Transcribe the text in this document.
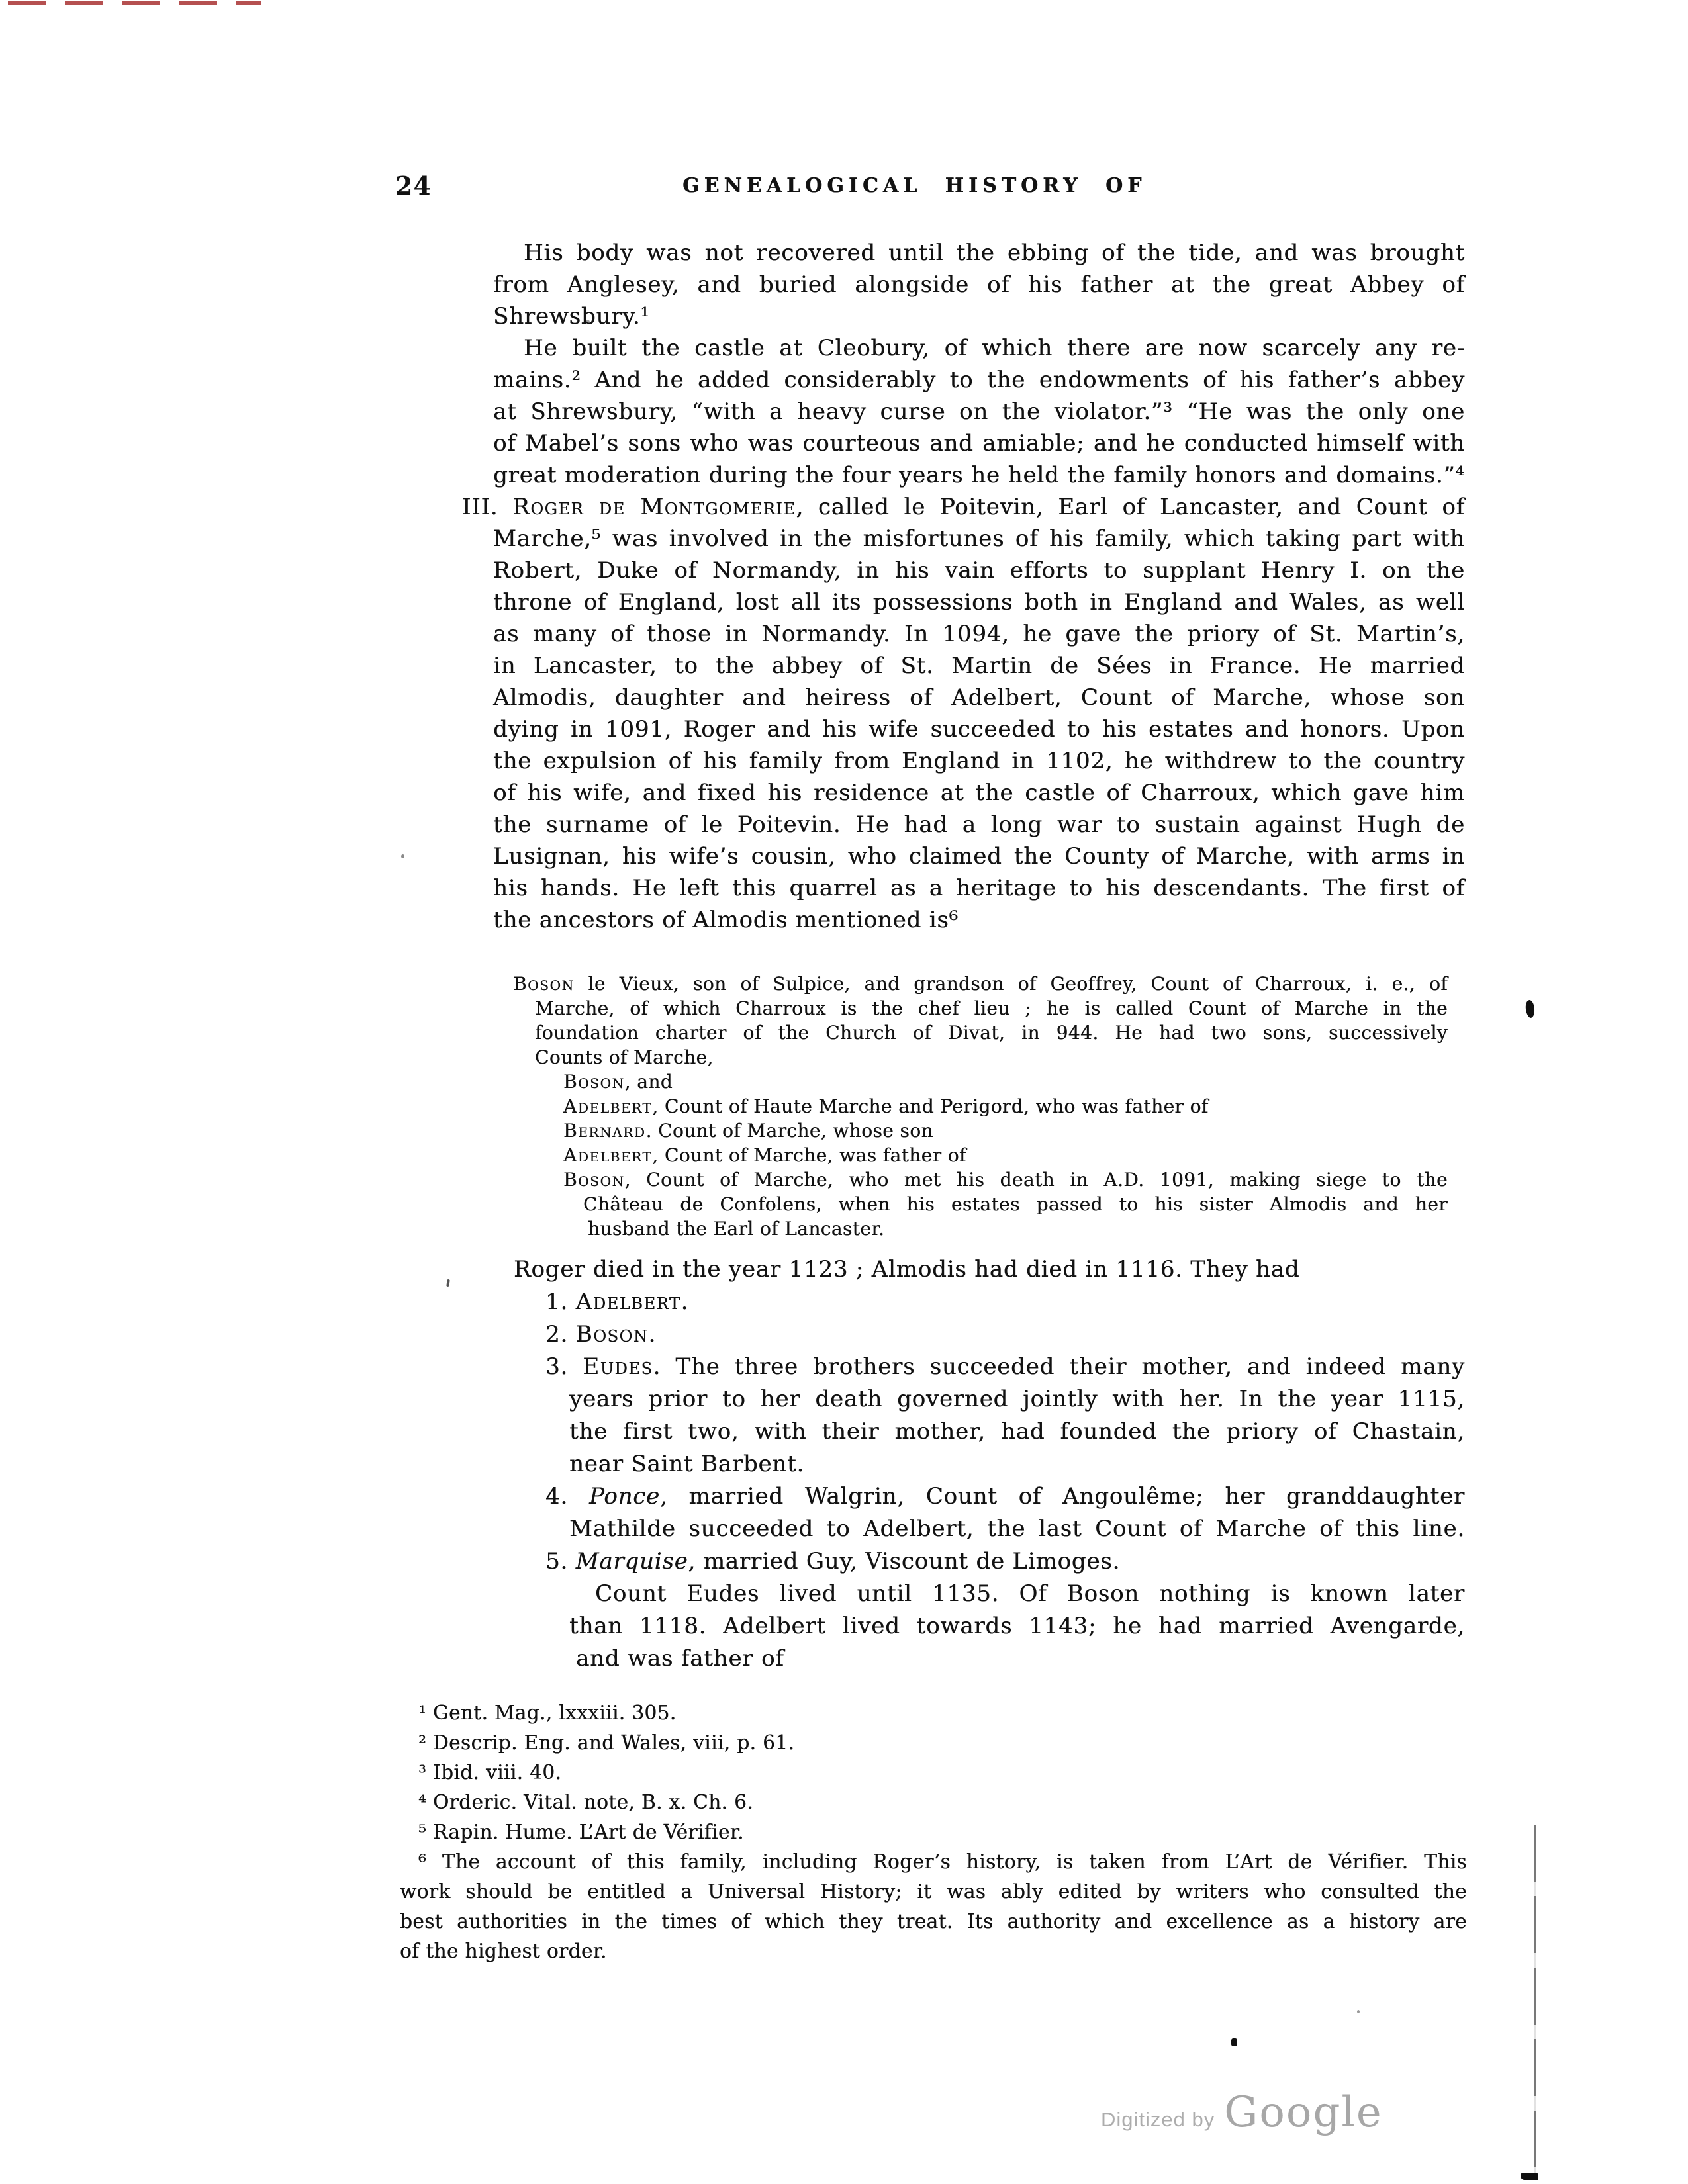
24	GENEALOGICAL HISTORY OF
His body was not recovered until the ebbing of the tide, and was brought
from Anglesey, and buried alongside of his father at the great Abbey of
Shrewsbury.¹
He built the castle at Cleobury, of which there are now scarcely any re-
mains.² And he added considerably to the endowments of his father’s abbey
at Shrewsbury, “with a heavy curse on the violator.”³ “He was the only one
of Mabel’s sons who was courteous and amiable; and he conducted himself with
great moderation during the four years he held the family honors and domains.”⁴
III. Roger de Montgomerie, called le Poitevin, Earl of Lancaster, and Count of
Marche,⁵ was involved in the misfortunes of his family, which taking part with
Robert, Duke of Normandy, in his vain efforts to supplant Henry I. on the
throne of England, lost all its possessions both in England and Wales, as well
as many of those in Normandy. In 1094, he gave the priory of St. Martin’s,
in Lancaster, to the abbey of St. Martin de Sées in France. He married
Almodis, daughter and heiress of Adelbert, Count of Marche, whose son
dying in 1091, Roger and his wife succeeded to his estates and honors. Upon
the expulsion of his family from England in 1102, he withdrew to the country
of his wife, and fixed his residence at the castle of Charroux, which gave him
the surname of le Poitevin. He had a long war to sustain against Hugh de
Lusignan, his wife’s cousin, who claimed the County of Marche, with arms in
his hands. He left this quarrel as a heritage to his descendants. The first of
the ancestors of Almodis mentioned is⁶
Boson le Vieux, son of Sulpice, and grandson of Geoffrey, Count of Charroux, i. e., of
Marche, of which Charroux is the chef lieu ; he is called Count of Marche in the
foundation charter of the Church of Divat, in 944. He had two sons, successively
Counts of Marche,
Boson, and
Adelbert, Count of Haute Marche and Perigord, who was father of
Bernard. Count of Marche, whose son
Adelbert, Count of Marche, was father of
Boson, Count of Marche, who met his death in A.D. 1091, making siege to the
Château de Confolens, when his estates passed to his sister Almodis and her
husband the Earl of Lancaster.
Roger died in the year 1123 ; Almodis had died in 1116. They had
1. Adelbert.
2. Boson.
3. Eudes. The three brothers succeeded their mother, and indeed many
years prior to her death governed jointly with her. In the year 1115,
the first two, with their mother, had founded the priory of Chastain,
near Saint Barbent.
4. Ponce, married Walgrin, Count of Angoulême; her granddaughter
Mathilde succeeded to Adelbert, the last Count of Marche of this line.
5. Marquise, married Guy, Viscount de Limoges.
Count Eudes lived until 1135. Of Boson nothing is known later
than 1118. Adelbert lived towards 1143; he had married Avengarde,
and was father of
¹ Gent. Mag., lxxxiii. 305.
² Descrip. Eng. and Wales, viii, p. 61.
³ Ibid. viii. 40.
⁴ Orderic. Vital. note, B. x. Ch. 6.
⁵ Rapin. Hume. L’Art de Vérifier.
⁶ The account of this family, including Roger’s history, is taken from L’Art de Vérifier. This
work should be entitled a Universal History; it was ably edited by writers who consulted the
best authorities in the times of which they treat. Its authority and excellence as a history are
of the highest order.
Digitized by Google
